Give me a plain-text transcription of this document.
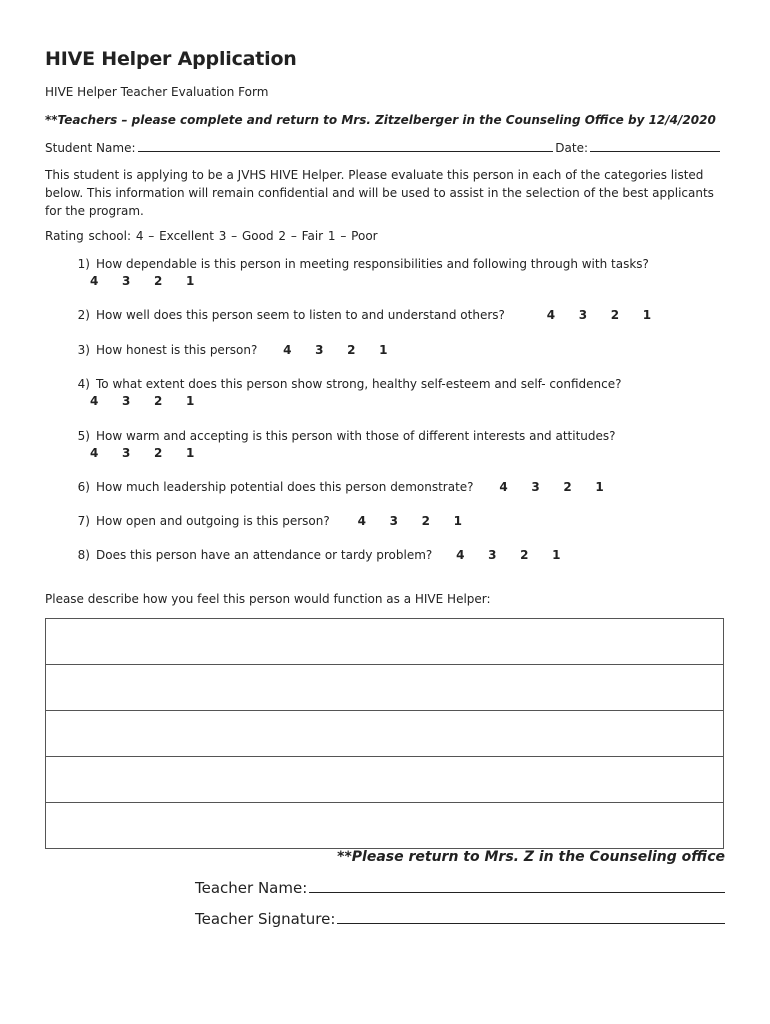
HIVE Helper Application
HIVE Helper Teacher Evaluation Form
**Teachers – please complete and return to Mrs. Zitzelberger in the Counseling Office by 12/4/2020
Student Name:	Date:
This student is applying to be a JVHS HIVE Helper. Please evaluate this person in each of the categories listed below. This information will remain confidential and will be used to assist in the selection of the best applicants for the program.
Rating school: 4 – Excellent 3 – Good 2 – Fair 1 – Poor
1) How dependable is this person in meeting responsibilities and following through with tasks?
4	3	2	1
2) How well does this person seem to listen to and understand others?	4	3	2	1
3) How honest is this person? 4	3	2	1
4) To what extent does this person show strong, healthy self-esteem and self- confidence?
4	3	2	1
5) How warm and accepting is this person with those of different interests and attitudes?
4	3	2	1
6) How much leadership potential does this person demonstrate? 4	3	2	1
7) How open and outgoing is this person? 4	3	2	1
8) Does this person have an attendance or tardy problem? 4	3	2	1
Please describe how you feel this person would function as a HIVE Helper:
**Please return to Mrs. Z in the Counseling office
Teacher Name:
Teacher Signature:
